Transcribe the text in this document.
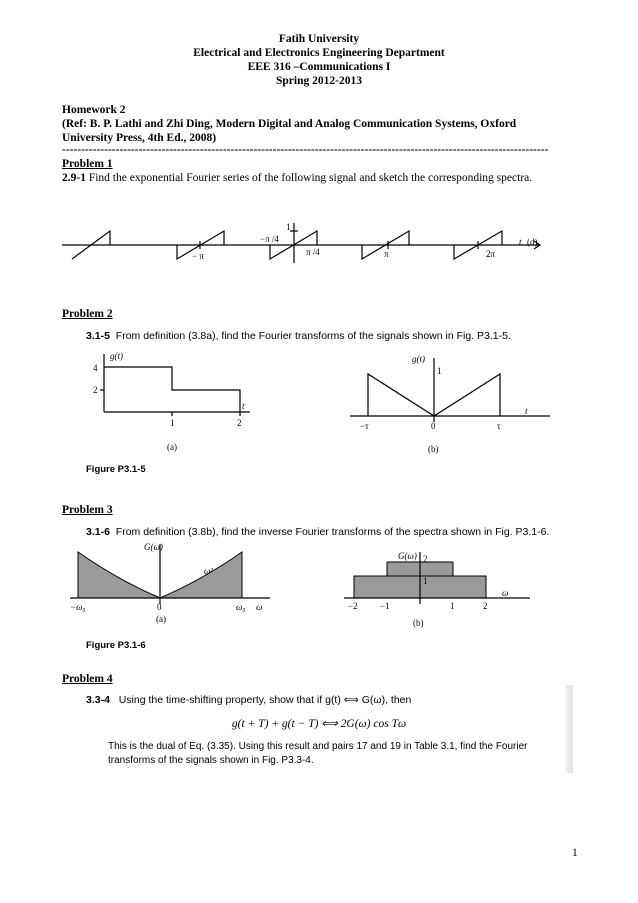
Fatih University
Electrical and Electronics Engineering Department
EEE 316 –Communications I
Spring 2012-2013
Homework 2
(Ref: B. P. Lathi and Zhi Ding, Modern Digital and Analog Communication Systems, Oxford
University Press, 4th Ed., 2008)
-------------------------------------------------------------------------------------------------------------------------------
Problem 1
2.9-1 Find the exponential Fourier series of the following signal and sketch the corresponding spectra.
−π /4
1
− π	π /4	π	2π
t (d)
Problem 2
3.1-5 From definition (3.8a), find the Fourier transforms of the signals shown in Fig. P3.1-5.
g(t)
4
2
1	2
t
(a)
g(t)
1
−τ	0	τ
t
(b)
Figure P3.1-5
Problem 3
3.1-6 From definition (3.8b), find the inverse Fourier transforms of the spectra shown in Fig. P3.1-6.
G(ω)
ω²
−ω₀	0	ω₀ ω
(a)
G(ω) 2
1
−2 −1	1	2
ω
(b)
Figure P3.1-6
Problem 4
3.3-4 Using the time-shifting property, show that if g(t) ⟺ G(ω), then
g(t + T) + g(t − T) ⟺ 2G(ω) cos Tω
This is the dual of Eq. (3.35). Using this result and pairs 17 and 19 in Table 3.1, find the Fourier
transforms of the signals shown in Fig. P3.3-4.
1
